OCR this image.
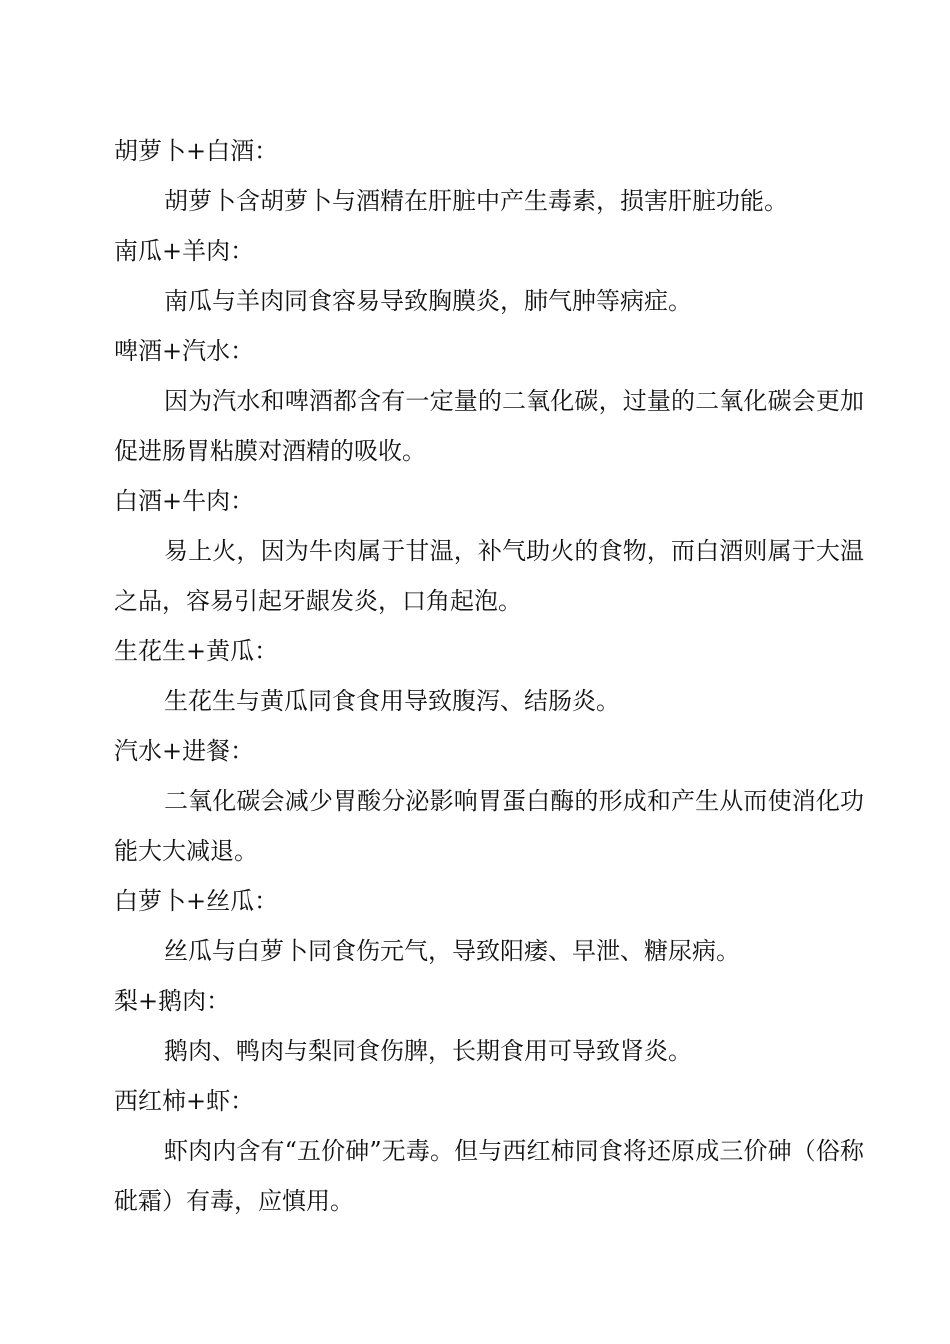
胡萝卜+白酒：

胡萝卜含胡萝卜与酒精在肝脏中产生毒素，损害肝脏功能。

南瓜+羊肉：

南瓜与羊肉同食容易导致胸膜炎，肺气肿等病症。

啤酒+汽水：

因为汽水和啤酒都含有一定量的二氧化碳，过量的二氧化碳会更加促进肠胃粘膜对酒精的吸收。

白酒+牛肉：

易上火，因为牛肉属于甘温，补气助火的食物，而白酒则属于大温之品，容易引起牙龈发炎，口角起泡。

生花生+黄瓜：

生花生与黄瓜同食食用导致腹泻、结肠炎。

汽水+进餐：

二氧化碳会减少胃酸分泌影响胃蛋白酶的形成和产生从而使消化功能大大减退。

白萝卜+丝瓜：

丝瓜与白萝卜同食伤元气，导致阳痿、早泄、糖尿病。

梨+鹅肉：

鹅肉、鸭肉与梨同食伤脾，长期食用可导致肾炎。

西红柿+虾：

虾肉内含有“五价砷”无毒。但与西红柿同食将还原成三价砷（俗称砒霜）有毒，应慎用。
